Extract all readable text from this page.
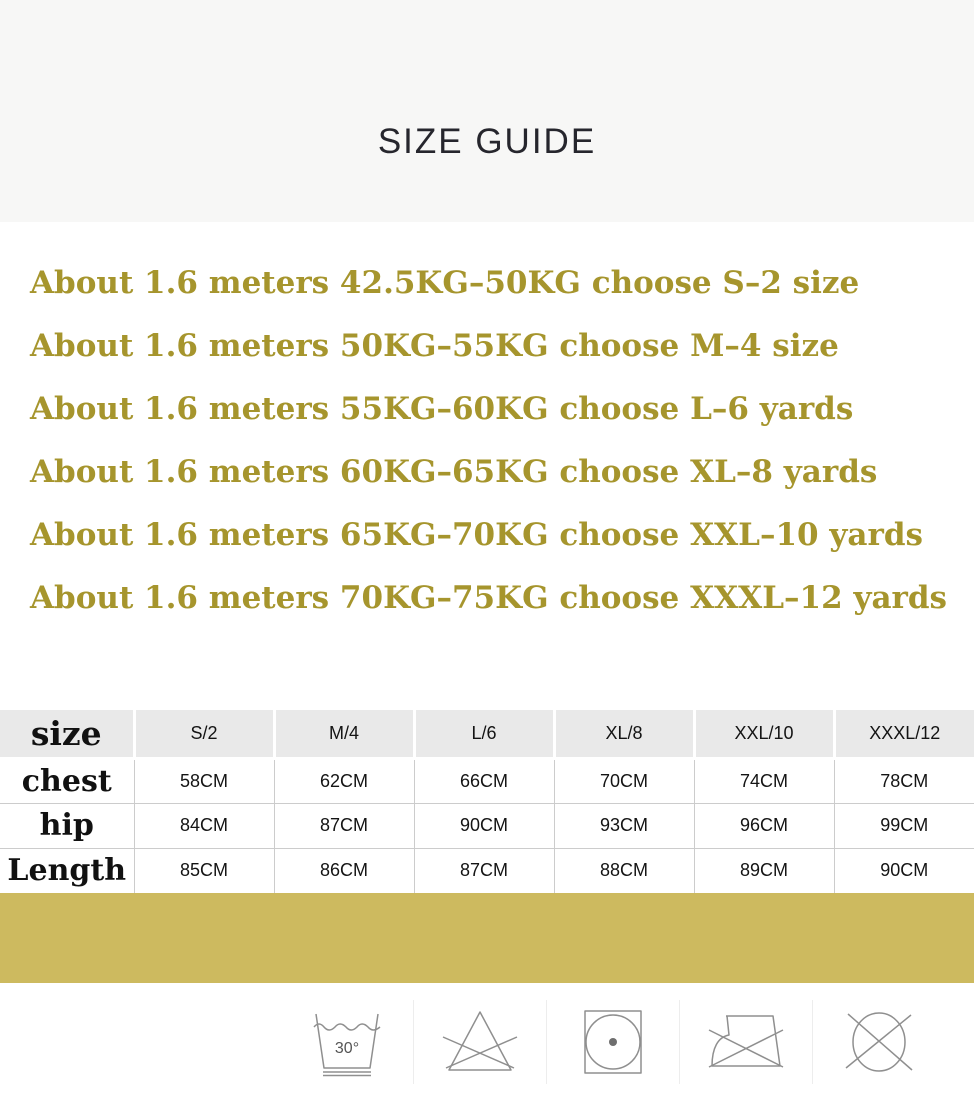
SIZE GUIDE

About 1.6 meters 42.5KG–50KG choose S–2 size

About 1.6 meters 50KG–55KG choose M–4 size

About 1.6 meters 55KG–60KG choose L–6 yards

About 1.6 meters 60KG–65KG choose XL–8 yards

About 1.6 meters 65KG–70KG choose XXL–10 yards

About 1.6 meters 70KG–75KG choose XXXL–12 yards

size	S/2	M/4	L/6	XL/8	XXL/10	XXXL/12
chest	58CM	62CM	66CM	70CM	74CM	78CM
hip	84CM	87CM	90CM	93CM	96CM	99CM
Length	85CM	86CM	87CM	88CM	89CM	90CM
30°
